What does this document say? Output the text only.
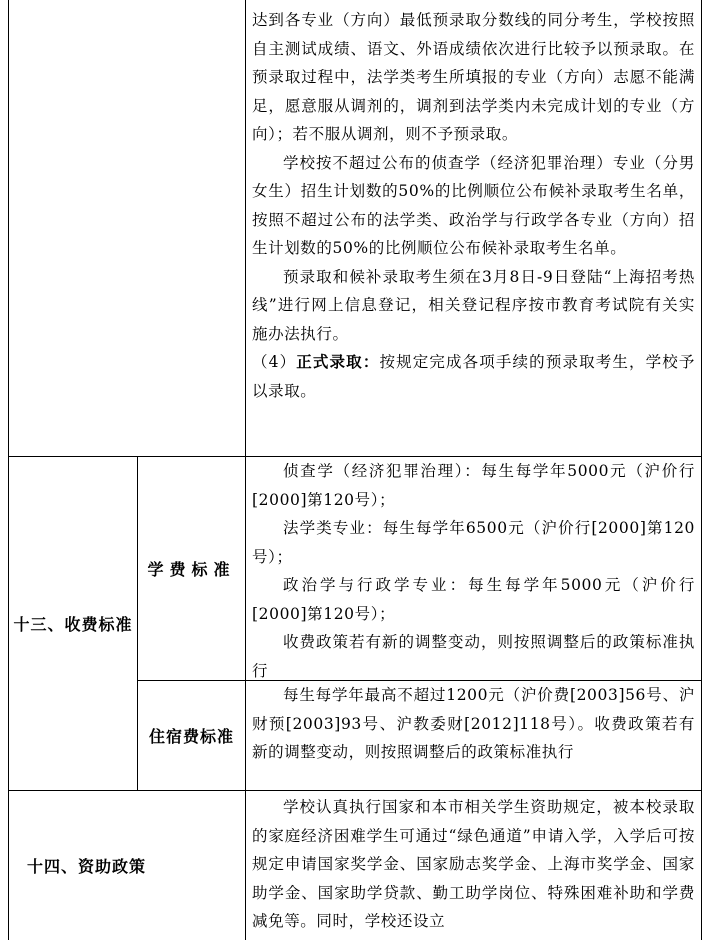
达到各专业（方向）最低预录取分数线的同分考生，学校按照自主测试成绩、语文、外语成绩依次进行比较予以预录取。在预录取过程中，法学类考生所填报的专业（方向）志愿不能满足，愿意服从调剂的，调剂到法学类内未完成计划的专业（方向）；若不服从调剂，则不予预录取。

学校按不超过公布的侦查学（经济犯罪治理）专业（分男女生）招生计划数的50%的比例顺位公布候补录取考生名单，按照不超过公布的法学类、政治学与行政学各专业（方向）招生计划数的50%的比例顺位公布候补录取考生名单。

预录取和候补录取考生须在3月8日-9日登陆“上海招考热线”进行网上信息登记，相关登记程序按市教育考试院有关实施办法执行。

（4）正式录取：按规定完成各项手续的预录取考生，学校予以录取。

十三、收费标准
学费标准

侦查学（经济犯罪治理）：每生每学年5000元（沪价行[2000]第120号）；

法学类专业：每生每学年6500元（沪价行[2000]第120号）；

政治学与行政学专业：每生每学年5000元（沪价行[2000]第120号）；

收费政策若有新的调整变动，则按照调整后的政策标准执行

住宿费标准

每生每学年最高不超过1200元（沪价费[2003]56号、沪财预[2003]93号、沪教委财[2012]118号）。收费政策若有新的调整变动，则按照调整后的政策标准执行

十四、资助政策

学校认真执行国家和本市相关学生资助规定，被本校录取的家庭经济困难学生可通过“绿色通道”申请入学，入学后可按规定申请国家奖学金、国家励志奖学金、上海市奖学金、国家助学金、国家助学贷款、勤工助学岗位、特殊困难补助和学费减免等。同时，学校还设立
